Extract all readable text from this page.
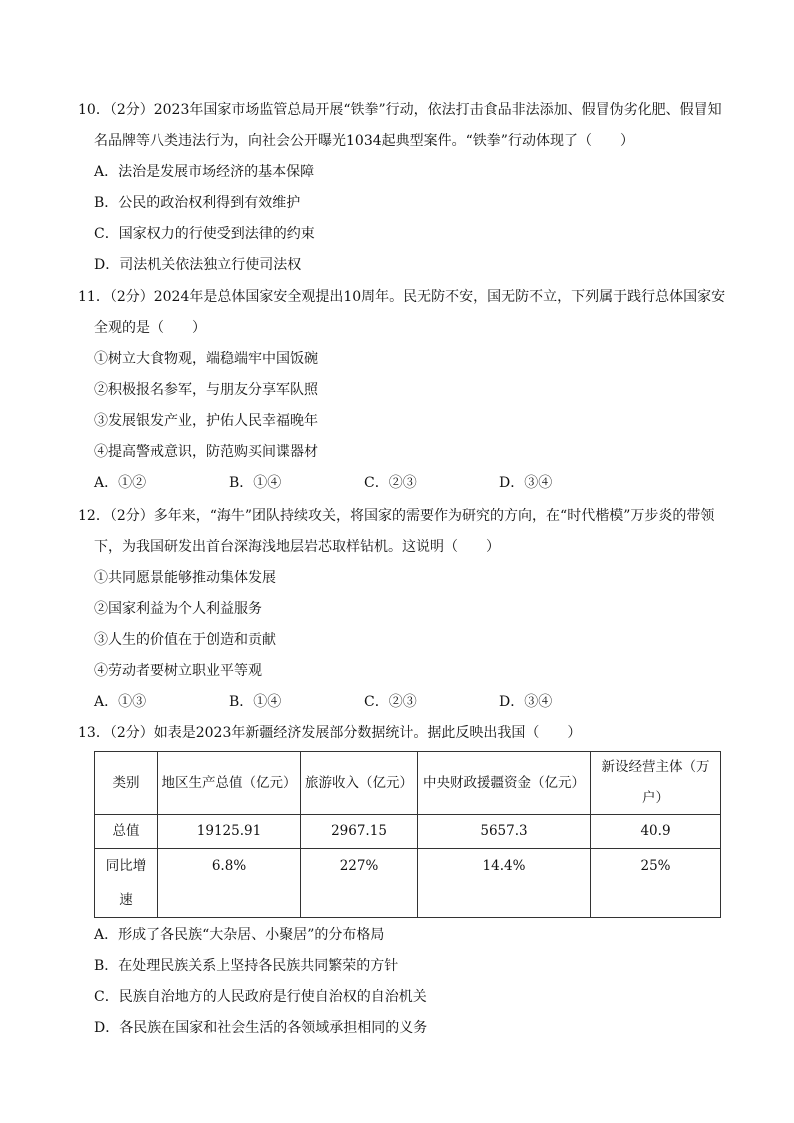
10．（2分）2023年国家市场监管总局开展“铁拳”行动，依法打击食品非法添加、假冒伪劣化肥、假冒知名品牌等八类违法行为，向社会公开曝光1034起典型案件。“铁拳”行动体现了（　　）

A．法治是发展市场经济的基本保障

B．公民的政治权利得到有效维护

C．国家权力的行使受到法律的约束

D．司法机关依法独立行使司法权

11．（2分）2024年是总体国家安全观提出10周年。民无防不安，国无防不立，下列属于践行总体国家安全观的是（　　）

①树立大食物观，端稳端牢中国饭碗

②积极报名参军，与朋友分享军队照

③发展银发产业，护佑人民幸福晚年

④提高警戒意识，防范购买间谍器材

A．①②	B．①④	C．②③	D．③④

12．（2分）多年来，“海牛”团队持续攻关，将国家的需要作为研究的方向，在“时代楷模”万步炎的带领下，为我国研发出首台深海浅地层岩芯取样钻机。这说明（　　）

①共同愿景能够推动集体发展

②国家利益为个人利益服务

③人生的价值在于创造和贡献

④劳动者要树立职业平等观

A．①③	B．①④	C．②③	D．③④

13．（2分）如表是2023年新疆经济发展部分数据统计。据此反映出我国（　　）

类别	地区生产总值（亿元）	旅游收入（亿元）	中央财政援疆资金（亿元）	新设经营主体（万户）
总值	19125.91	2967.15	5657.3	40.9

同比增
速	6.8%	227%	14.4%	25%

A．形成了各民族“大杂居、小聚居”的分布格局

B．在处理民族关系上坚持各民族共同繁荣的方针

C．民族自治地方的人民政府是行使自治权的自治机关

D．各民族在国家和社会生活的各领域承担相同的义务
